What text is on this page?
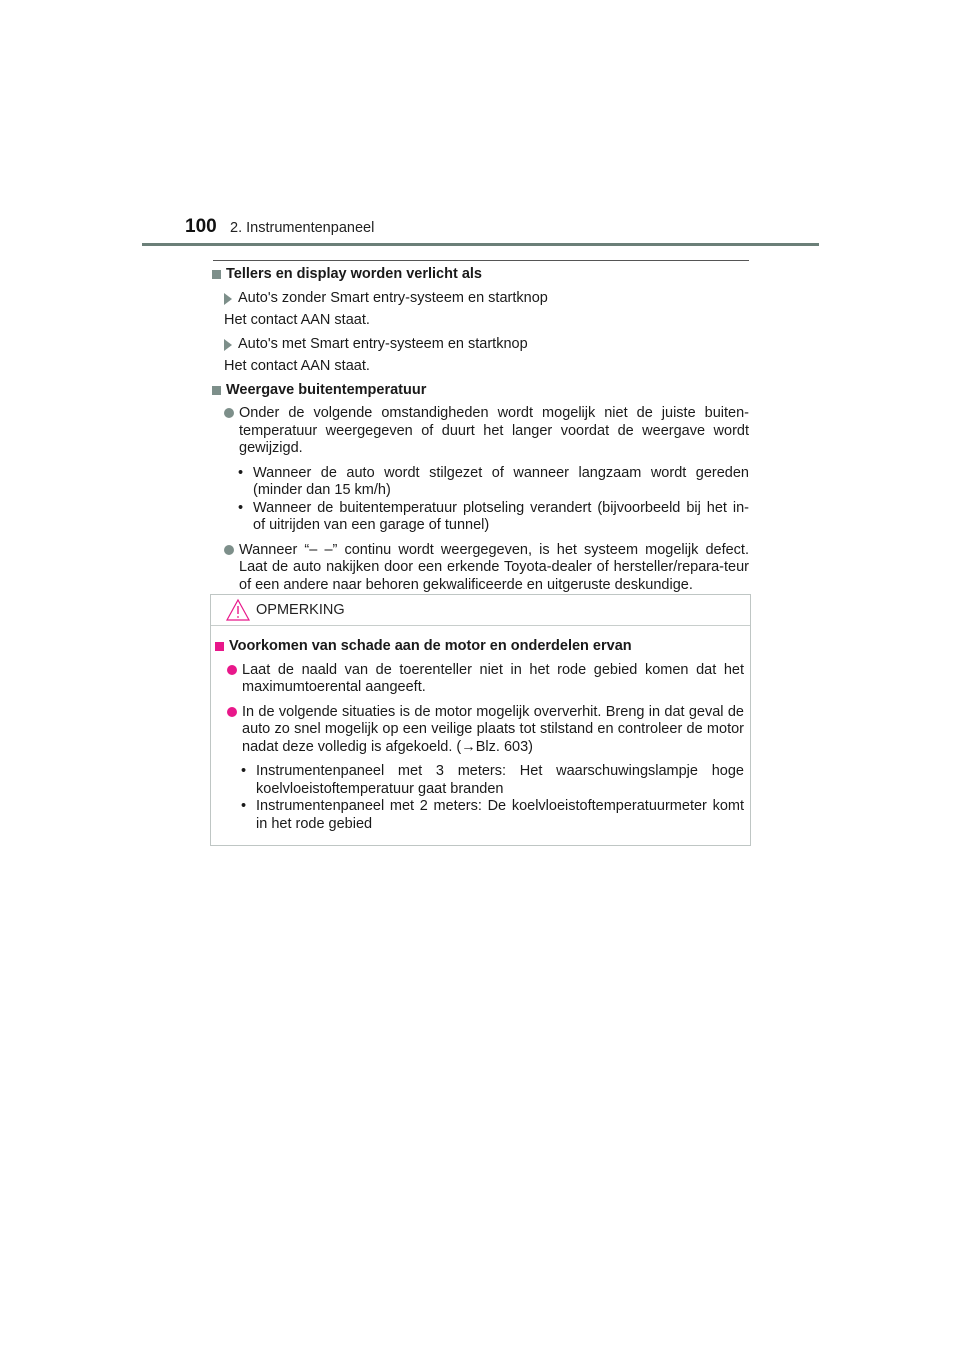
100 2. Instrumentenpaneel
Tellers en display worden verlicht als
Auto's zonder Smart entry-systeem en startknop
Het contact AAN staat.
Auto's met Smart entry-systeem en startknop
Het contact AAN staat.
Weergave buitentemperatuur
Onder de volgende omstandigheden wordt mogelijk niet de juiste buiten-temperatuur weergegeven of duurt het langer voordat de weergave wordt gewijzigd.
• Wanneer de auto wordt stilgezet of wanneer langzaam wordt gereden (minder dan 15 km/h)
• Wanneer de buitentemperatuur plotseling verandert (bijvoorbeeld bij het in- of uitrijden van een garage of tunnel)
Wanneer “– –” continu wordt weergegeven, is het systeem mogelijk defect. Laat de auto nakijken door een erkende Toyota-dealer of hersteller/repara-teur of een andere naar behoren gekwalificeerde en uitgeruste deskundige.
OPMERKING
Voorkomen van schade aan de motor en onderdelen ervan
Laat de naald van de toerenteller niet in het rode gebied komen dat het maximumtoerental aangeeft.
In de volgende situaties is de motor mogelijk oververhit. Breng in dat geval de auto zo snel mogelijk op een veilige plaats tot stilstand en controleer de motor nadat deze volledig is afgekoeld. (→Blz. 603)
• Instrumentenpaneel met 3 meters: Het waarschuwingslampje hoge koelvloeistoftemperatuur gaat branden
• Instrumentenpaneel met 2 meters: De koelvloeistoftemperatuurmeter komt in het rode gebied
